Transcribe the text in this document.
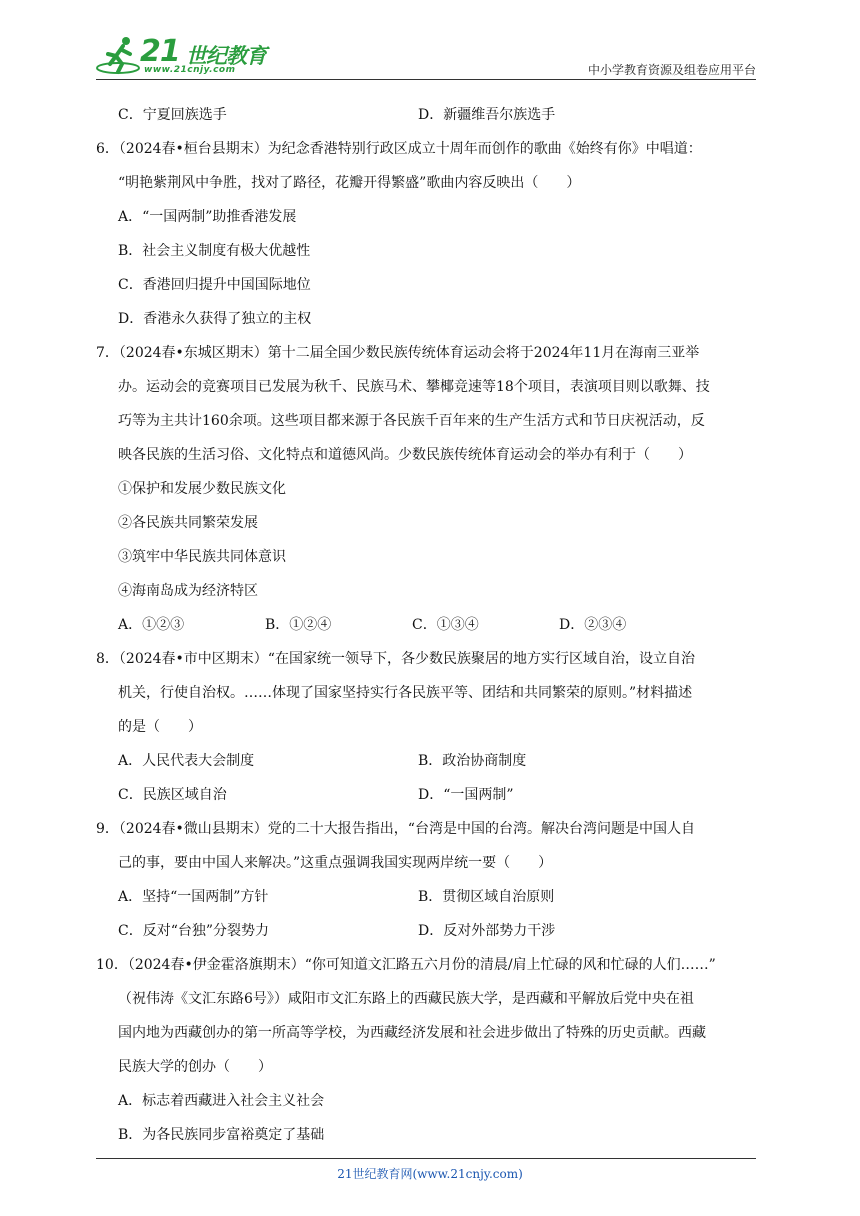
21 世纪教育
www.21cnjy.com	中小学教育资源及组卷应用平台
C．宁夏回族选手	D．新疆维吾尔族选手
6．（2024春•桓台县期末）为纪念香港特别行政区成立十周年而创作的歌曲《始终有你》中唱道：
“明艳紫荆风中争胜，找对了路径，花瓣开得繁盛”歌曲内容反映出（　　）
A．“一国两制”助推香港发展
B．社会主义制度有极大优越性
C．香港回归提升中国国际地位
D．香港永久获得了独立的主权
7．（2024春•东城区期末）第十二届全国少数民族传统体育运动会将于2024年11月在海南三亚举
办。运动会的竞赛项目已发展为秋千、民族马术、攀椰竞速等18个项目，表演项目则以歌舞、技
巧等为主共计160余项。这些项目都来源于各民族千百年来的生产生活方式和节日庆祝活动，反
映各民族的生活习俗、文化特点和道德风尚。少数民族传统体育运动会的举办有利于（　　）
①保护和发展少数民族文化
②各民族共同繁荣发展
③筑牢中华民族共同体意识
④海南岛成为经济特区
A．①②③	B．①②④	C．①③④	D．②③④
8．（2024春•市中区期末）“在国家统一领导下，各少数民族聚居的地方实行区域自治，设立自治
机关，行使自治权。……体现了国家坚持实行各民族平等、团结和共同繁荣的原则。”材料描述
的是（　　）
A．人民代表大会制度	B．政治协商制度
C．民族区域自治	D．“一国两制”
9．（2024春•微山县期末）党的二十大报告指出，“台湾是中国的台湾。解决台湾问题是中国人自
己的事，要由中国人来解决。”这重点强调我国实现两岸统一要（　　）
A．坚持“一国两制”方针	B．贯彻区域自治原则
C．反对“台独”分裂势力	D．反对外部势力干涉
10．（2024春•伊金霍洛旗期末）“你可知道文汇路五六月份的清晨/肩上忙碌的风和忙碌的人们……”
（祝伟涛《文汇东路6号》）咸阳市文汇东路上的西藏民族大学，是西藏和平解放后党中央在祖
国内地为西藏创办的第一所高等学校，为西藏经济发展和社会进步做出了特殊的历史贡献。西藏
民族大学的创办（　　）
A．标志着西藏进入社会主义社会
B．为各民族同步富裕奠定了基础
21世纪教育网(www.21cnjy.com)
